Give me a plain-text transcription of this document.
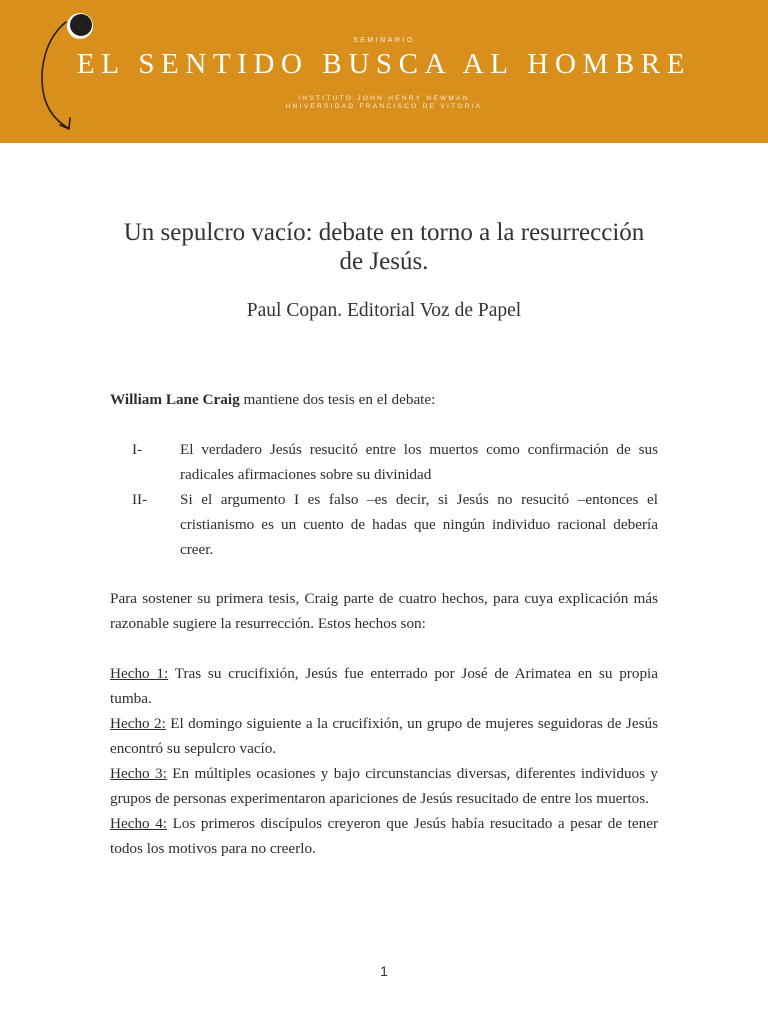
SEMINARIO
EL SENTIDO BUSCA AL HOMBRE
INSTITUTO JOHN HENRY NEWMAN
UNIVERSIDAD FRANCISCO DE VITORIA
Un sepulcro vacío: debate en torno a la resurrección de Jesús.
Paul Copan. Editorial Voz de Papel
William Lane Craig mantiene dos tesis en el debate:
I- El verdadero Jesús resucitó entre los muertos como confirmación de sus radicales afirmaciones sobre su divinidad
II- Si el argumento I es falso –es decir, si Jesús no resucitó –entonces el cristianismo es un cuento de hadas que ningún individuo racional debería creer.
Para sostener su primera tesis, Craig parte de cuatro hechos, para cuya explicación más razonable sugiere la resurrección. Estos hechos son:
Hecho 1: Tras su crucifixión, Jesús fue enterrado por José de Arimatea en su propia tumba.
Hecho 2: El domingo siguiente a la crucifixión, un grupo de mujeres seguidoras de Jesús encontró su sepulcro vacío.
Hecho 3: En múltiples ocasiones y bajo circunstancias diversas, diferentes individuos y grupos de personas experimentaron apariciones de Jesús resucitado de entre los muertos.
Hecho 4: Los primeros discípulos creyeron que Jesús había resucitado a pesar de tener todos los motivos para no creerlo.
1
